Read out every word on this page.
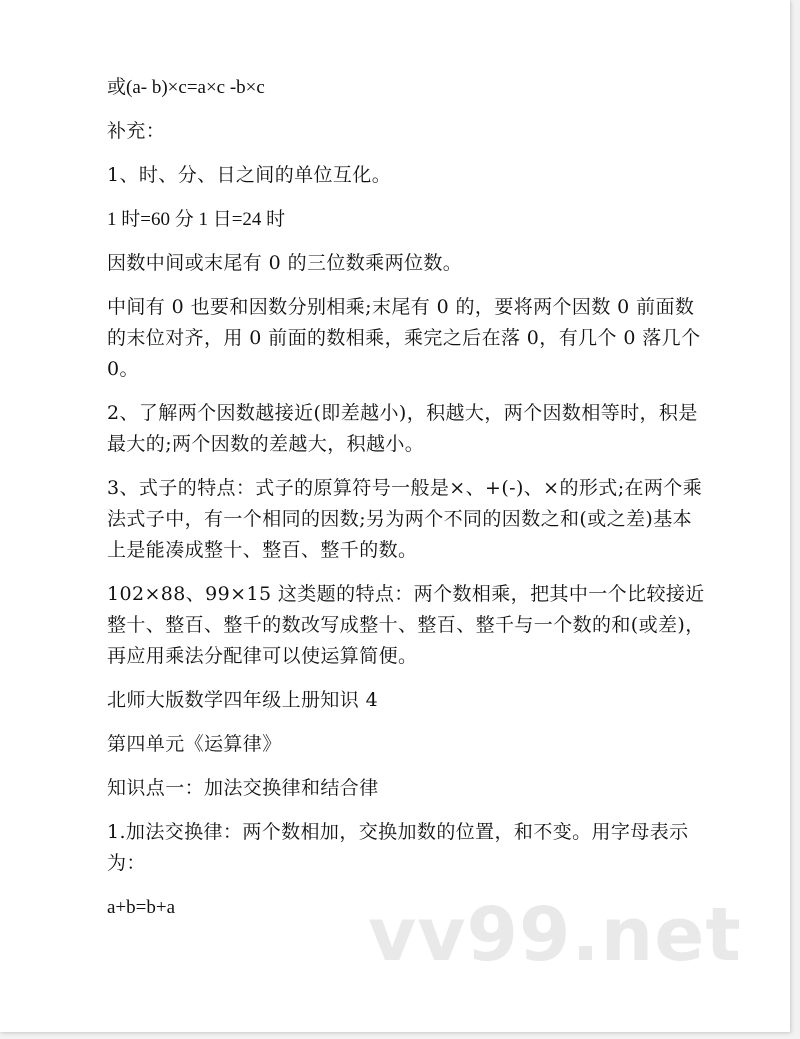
或(a- b)×c=a×c -b×c

补充：

1、时、分、日之间的单位互化。

1 时=60 分 1 日=24 时

因数中间或末尾有 0 的三位数乘两位数。

中间有 0 也要和因数分别相乘;末尾有 0 的，要将两个因数 0 前面数的末位对齐，用 0 前面的数相乘，乘完之后在落 0，有几个 0 落几个 0。

2、了解两个因数越接近(即差越小)，积越大，两个因数相等时，积是最大的;两个因数的差越大，积越小。

3、式子的特点：式子的原算符号一般是×、+(-)、×的形式;在两个乘法式子中，有一个相同的因数;另为两个不同的因数之和(或之差)基本上是能凑成整十、整百、整千的数。

102×88、99×15 这类题的特点：两个数相乘，把其中一个比较接近整十、整百、整千的数改写成整十、整百、整千与一个数的和(或差)，再应用乘法分配律可以使运算简便。

北师大版数学四年级上册知识 4

第四单元《运算律》

知识点一：加法交换律和结合律

1.加法交换律：两个数相加，交换加数的位置，和不变。用字母表示为：

a+b=b+a	vv99.net
